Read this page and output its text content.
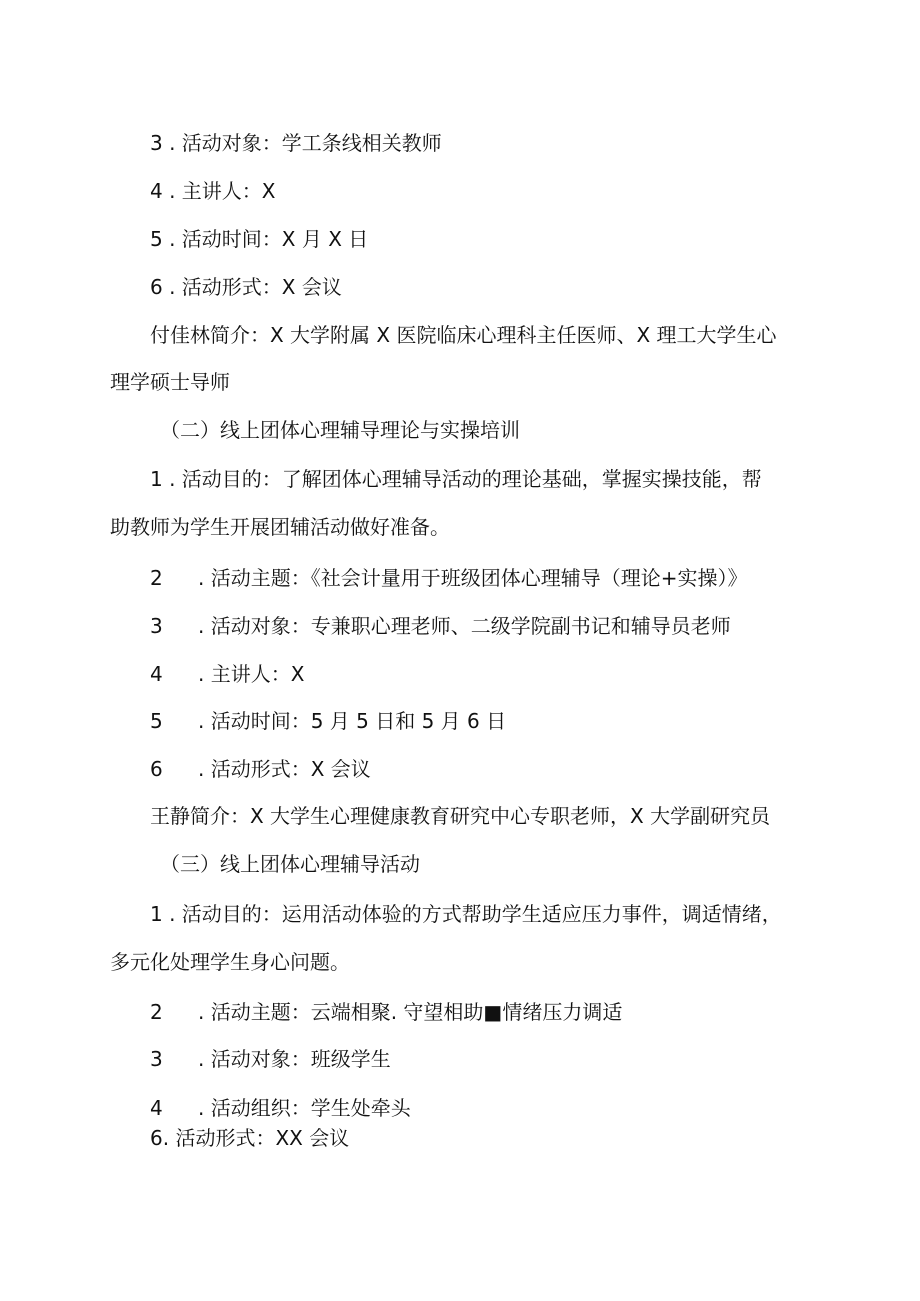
3 . 活动对象：学工条线相关教师
4 . 主讲人：X
5 . 活动时间：X 月 X 日
6 . 活动形式：X 会议
付佳林简介：X 大学附属 X 医院临床心理科主任医师、X 理工大学生心
理学硕士导师
（二）线上团体心理辅导理论与实操培训
1 . 活动目的：了解团体心理辅导活动的理论基础，掌握实操技能，帮
助教师为学生开展团辅活动做好准备。
2 . 活动主题：《社会计量用于班级团体心理辅导（理论+实操）》
3 . 活动对象：专兼职心理老师、二级学院副书记和辅导员老师
4 . 主讲人：X
5 . 活动时间：5 月 5 日和 5 月 6 日
6 . 活动形式：X 会议
王静简介：X 大学生心理健康教育研究中心专职老师，X 大学副研究员
（三）线上团体心理辅导活动
1 . 活动目的：运用活动体验的方式帮助学生适应压力事件，调适情绪，
多元化处理学生身心问题。
2 . 活动主题：云端相聚. 守望相助■情绪压力调适
3 . 活动对象：班级学生
4 . 活动组织：学生处牵头
6. 活动形式：XX 会议
